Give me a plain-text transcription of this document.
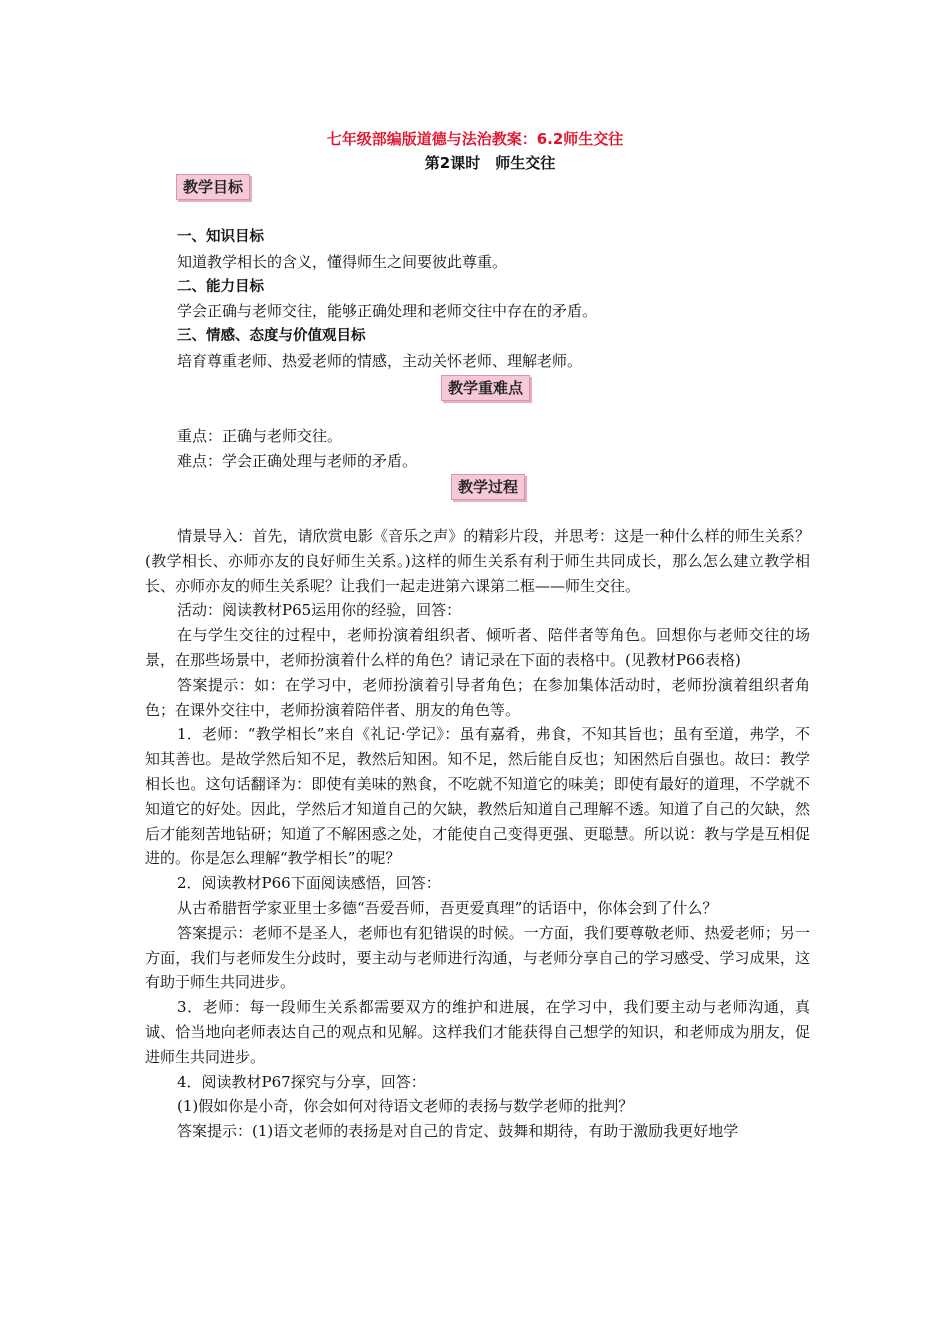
七年级部编版道德与法治教案：6.2师生交往
第2课时　师生交往
教学目标

一、知识目标

知道教学相长的含义，懂得师生之间要彼此尊重。

二、能力目标

学会正确与老师交往，能够正确处理和老师交往中存在的矛盾。

三、情感、态度与价值观目标

培育尊重老师、热爱老师的情感，主动关怀老师、理解老师。

教学重难点

重点：正确与老师交往。

难点：学会正确处理与老师的矛盾。

教学过程

情景导入：首先，请欣赏电影《音乐之声》的精彩片段，并思考：这是一种什么样的师生关系？(教学相长、亦师亦友的良好师生关系。)这样的师生关系有利于师生共同成长，那么怎么建立教学相长、亦师亦友的师生关系呢？让我们一起走进第六课第二框——师生交往。

活动：阅读教材P65运用你的经验，回答：

在与学生交往的过程中，老师扮演着组织者、倾听者、陪伴者等角色。回想你与老师交往的场景，在那些场景中，老师扮演着什么样的角色？请记录在下面的表格中。(见教材P66表格)

答案提示：如：在学习中，老师扮演着引导者角色；在参加集体活动时，老师扮演着组织者角色；在课外交往中，老师扮演着陪伴者、朋友的角色等。

1．老师：“教学相长”来自《礼记·学记》：虽有嘉肴，弗食，不知其旨也；虽有至道，弗学，不知其善也。是故学然后知不足，教然后知困。知不足，然后能自反也；知困然后自强也。故曰：教学相长也。这句话翻译为：即使有美味的熟食，不吃就不知道它的味美；即使有最好的道理，不学就不知道它的好处。因此，学然后才知道自己的欠缺，教然后知道自己理解不透。知道了自己的欠缺，然后才能刻苦地钻研；知道了不解困惑之处，才能使自己变得更强、更聪慧。所以说：教与学是互相促进的。你是怎么理解“教学相长”的呢？

2．阅读教材P66下面阅读感悟，回答：

从古希腊哲学家亚里士多德“吾爱吾师，吾更爱真理”的话语中，你体会到了什么？

答案提示：老师不是圣人，老师也有犯错误的时候。一方面，我们要尊敬老师、热爱老师；另一方面，我们与老师发生分歧时，要主动与老师进行沟通，与老师分享自己的学习感受、学习成果，这有助于师生共同进步。

3．老师：每一段师生关系都需要双方的维护和进展，在学习中，我们要主动与老师沟通，真诚、恰当地向老师表达自己的观点和见解。这样我们才能获得自己想学的知识，和老师成为朋友，促进师生共同进步。

4．阅读教材P67探究与分享，回答：

(1)假如你是小奇，你会如何对待语文老师的表扬与数学老师的批判？

答案提示：(1)语文老师的表扬是对自己的肯定、鼓舞和期待，有助于激励我更好地学
